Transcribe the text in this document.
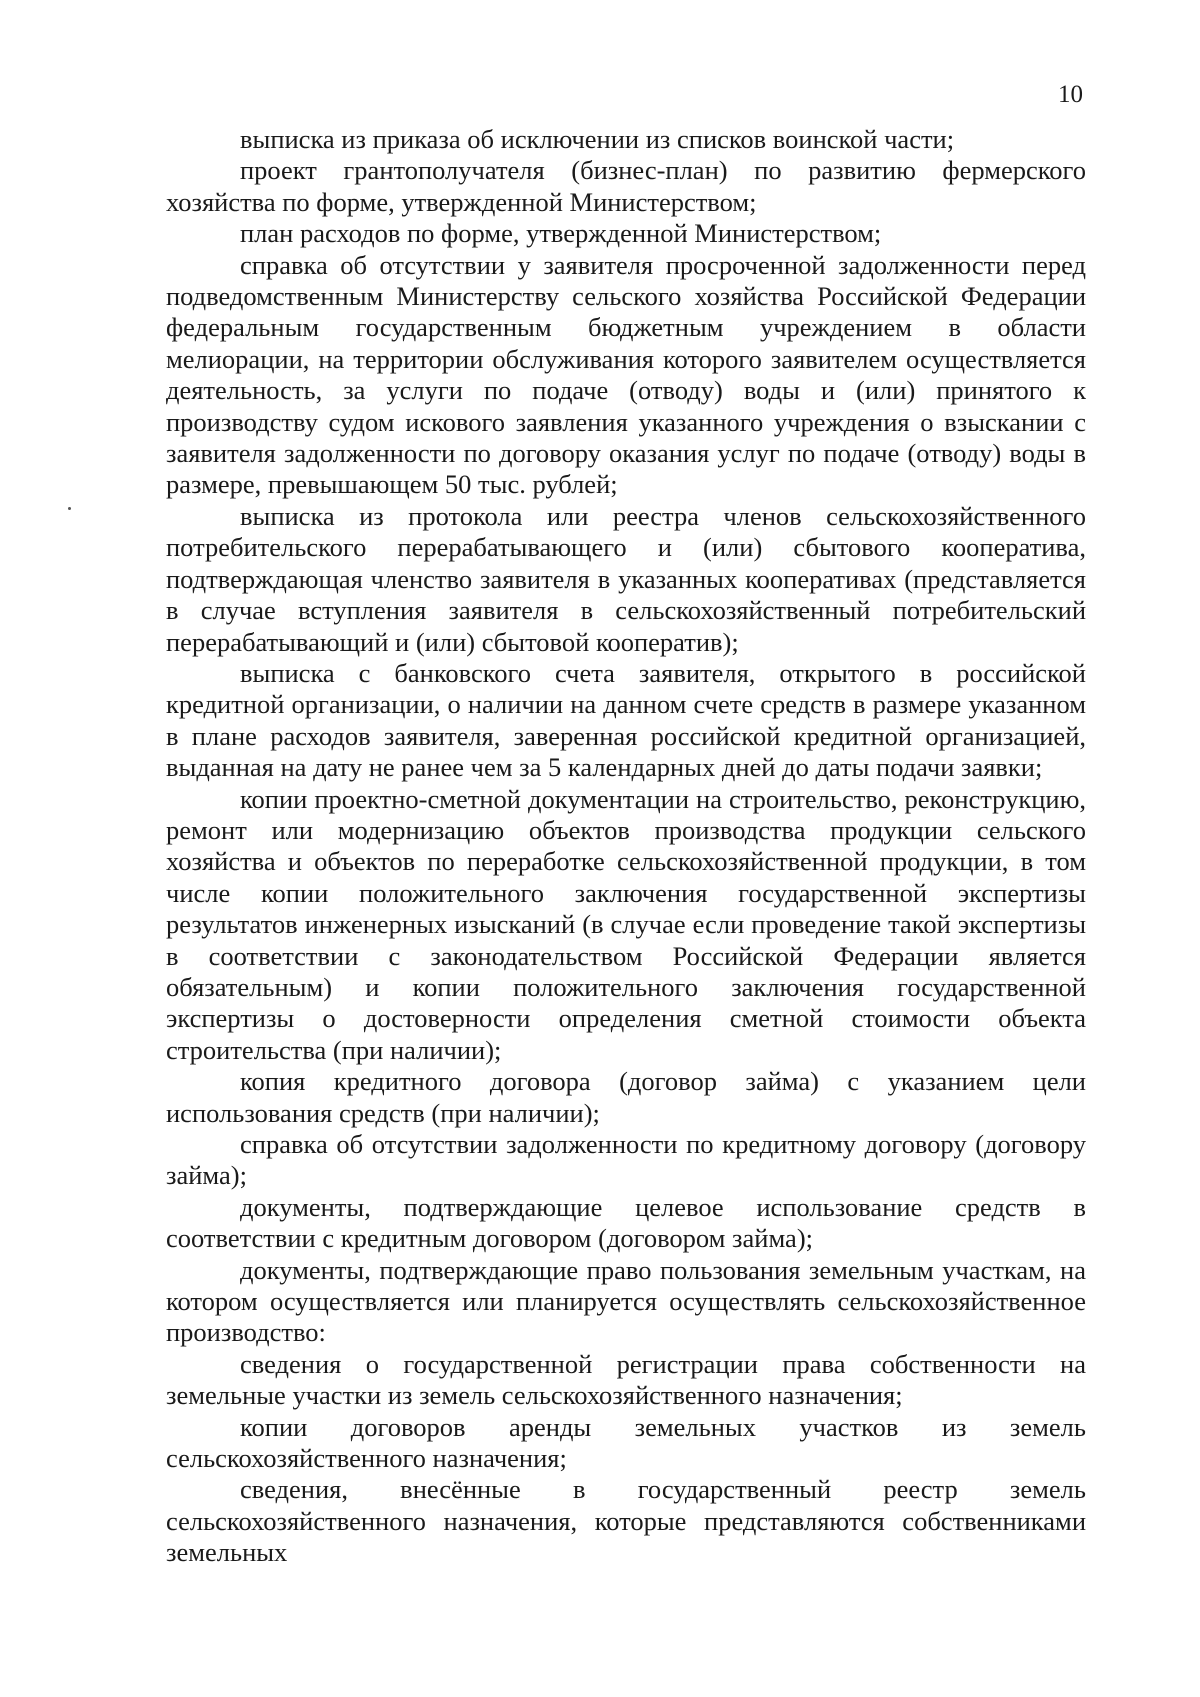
10

выписка из приказа об исключении из списков воинской части;

проект грантополучателя (бизнес-план) по развитию фермерского хозяйства по форме, утвержденной Министерством;

план расходов по форме, утвержденной Министерством;

справка об отсутствии у заявителя просроченной задолженности перед подведомственным Министерству сельского хозяйства Российской Федерации федеральным государственным бюджетным учреждением в области мелиорации, на территории обслуживания которого заявителем осуществляется деятельность, за услуги по подаче (отводу) воды и (или) принятого к производству судом искового заявления указанного учреждения о взыскании с заявителя задолженности по договору оказания услуг по подаче (отводу) воды в размере, превышающем 50 тыс. рублей;

выписка из протокола или реестра членов сельскохозяйственного потребительского перерабатывающего и (или) сбытового кооператива, подтверждающая членство заявителя в указанных кооперативах (представляется в случае вступления заявителя в сельскохозяйственный потребительский перерабатывающий и (или) сбытовой кооператив);

выписка с банковского счета заявителя, открытого в российской кредитной организации, о наличии на данном счете средств в размере указанном в плане расходов заявителя, заверенная российской кредитной организацией, выданная на дату не ранее чем за 5 календарных дней до даты подачи заявки;

копии проектно-сметной документации на строительство, реконструкцию, ремонт или модернизацию объектов производства продукции сельского хозяйства и объектов по переработке сельскохозяйственной продукции, в том числе копии положительного заключения государственной экспертизы результатов инженерных изысканий (в случае если проведение такой экспертизы в соответствии с законодательством Российской Федерации является обязательным) и копии положительного заключения государственной экспертизы о достоверности определения сметной стоимости объекта строительства (при наличии);

копия кредитного договора (договор займа) с указанием цели использования средств (при наличии);

справка об отсутствии задолженности по кредитному договору (договору займа);

документы, подтверждающие целевое использование средств в соответствии с кредитным договором (договором займа);

документы, подтверждающие право пользования земельным участкам, на котором осуществляется или планируется осуществлять сельскохозяйственное производство:

сведения о государственной регистрации права собственности на земельные участки из земель сельскохозяйственного назначения;

копии договоров аренды земельных участков из земель сельскохозяйственного назначения;

сведения, внесённые в государственный реестр земель сельскохозяйственного назначения, которые представляются собственниками земельных
